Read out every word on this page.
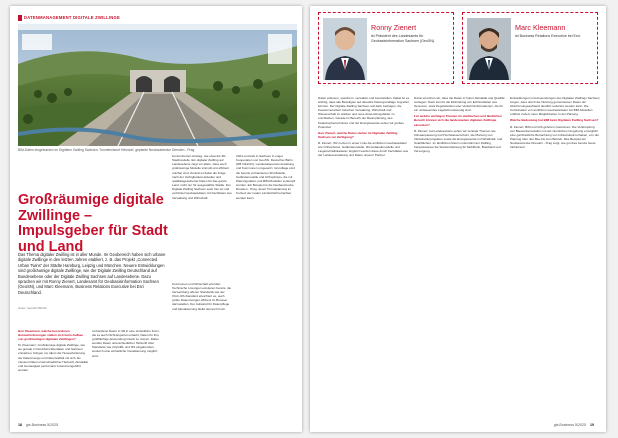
DATENMANAGEMENT DIGITALE ZWILLINGE
BIM-Daten eingebunden im Digitalen Zwilling Sachsen: Tunnelentwurf Hetzdorf, geplante Neubaustrecke Dresden - Prag
Großräumige digitale Zwillinge – Impulsgeber für Stadt und Land
konzentrierten Anstieg, wie etwa die 3D-Stadtmodelle. Ein digitaler Zwilling auf Landesebene zeigt vor allem, dass auch großräumige Modelle sinnvoll und effizient nutzbar sind. Zentral ist dabei die Frage nach der Verfügbarkeit aktueller und qualitätsgesicherter Daten für das ganze Land, nicht nur für ausgewählte Städte. Der Digitale Zwilling Sachsen setzt hier an und verbindet Geobasisdaten mit Fachdaten aus Verwaltung und Wirtschaft.
2024 erstmals in Sachsen in enger Kooperation von GeoSN, Deutscher Bahn (DB InfraGO), Landestalsperrenverwaltung und Kommunen umgesetzt. Grundlage sind die bereits vorhandenen 3D-Modelle, Geländemodelle und Orthophotos, die mit Planungsdaten und BIM-Modellen verknüpft wurden. Ein Beispiel ist die Neubaustrecke Dresden - Prag, deren Tunnelplanung im Kontext der realen Landschaft betrachtet werden kann.
Das Thema digitaler Zwilling ist in aller Munde. Im Geobereich haben sich urbane digitale Zwillinge in den letzten Jahren etabliert, z. B. das Projekt „Connected Urban Twins“ der Städte Hamburg, Leipzig und München. Neuere Entwicklungen sind großräumige digitale Zwillinge, wie der Digitale Zwilling Deutschland auf Bundesebene oder der Digitale Zwilling Sachsen auf Landesebene. Dazu sprachen wir mit Ronny Zienert, Landesamt für Geobasisinformation Sachsen (GeoSN), und Marc Kleemann, Business Relations Executive bei Esri Deutschland.
Autor: Gerold Olbrich

Herr Kleemann, welche besonderen Herausforderungen stellen sich beim Aufbau von großräumigen digitalen Zwillingen?

M. Kleemann: Großräumige digitale Zwillinge, wie sie gerade in Nordrhein-Westfalen und Sachsen entstehen, bringen vor allem die Herausforderung der Datenmenge und Datenvielfalt mit sich. Es müssen Daten unterschiedlicher Herkunft, Aktualität und Genauigkeit performant zusammengeführt werden.

vorhandene Daten in 3D in eine einheitliche Form, die es auch Nicht-Experten erlaubt, Daten für ihre großflächige Anwendung intuitiv zu nutzen. Dabei werden Daten unterschiedlicher Herkunft über Standards wie CityGML und I3S eingebunden, wodurch eine einheitliche Visualisierung möglich wird.
Kommunen und Wirtschaft erfordert. Technische Lösungen existieren bereits, die Verwendung offener Standards wie der OGC-I3S-Standard erleichtert es, auch große Datenmengen effizient im Browser darzustellen. Der Aufwand für Datenpflege und Aktualisierung bleibt dennoch hoch.
18 gis.Business 5/2025
Ronny Zienert
ist Präsident des Landesamts für Geobasisinformation Sachsen (GeoSN).
Marc Kleemann
ist Business Relations Executive bei Esri.

Daten erfassen, speichern, verwalten und bereitstellen. Dabei ist es wichtig, dass alle Beteiligten auf dieselbe Datengrundlage zugreifen können. Der Digitale Zwilling Sachsen soll dazu beitragen, die Zusammenarbeit zwischen Verwaltung, Wirtschaft und Wissenschaft zu stärken und neue Anwendungsfelder zu erschließen. Gerade im Bereich der Raumplanung, des Katastrophenschutzes und der Energiewende sehen wir großes Potenzial.

Herr Zienert, welche Daten stehen im Digitalen Zwilling Sachsen zur Verfügung?

R. Zienert: Wir nutzen in erster Linie die amtlichen Geobasisdaten wie Orthophotos, Geländemodelle, 3D-Gebäudemodelle und Liegenschaftskataster. Ergänzt werden diese durch Fachdaten aus der Landesverwaltung und Daten unserer Partner.

Damit erreichen wir, dass die Daten in hoher Aktualität und Qualität vorliegen. Dazu kommt die Einbindung von Echtzeitdaten aus Sensoren, etwa Pegelständen oder Verkehrsinformationen, die für ein umfassendes Lagebild notwendig sind.

Für welche wichtigen Themen im städtischen und ländlichen Bereich können sich die landesweiten digitalen Zwillinge einsetzen?

R. Zienert: Auf Landesebene sehen wir zentrale Themen wie Klimaanpassung und Hochwasserschutz, die Planung von Infrastrukturprojekten sowie die Energiewende mit Windkraft- und Solarflächen. Im ländlichen Raum unterstützt der Zwilling beispielsweise die Standortplanung für Mobilfunk, Breitband und Versorgung.

Entwicklungen und Anwendungen des Digitalen Zwillings Sachsen zeigen, dass durch die Nutzung gemeinsamer Daten der Abstimmungsaufwand deutlich reduziert werden kann. Die Kombination von amtlichen Geobasisdaten mit BIM-Modellen eröffnet zudem neue Möglichkeiten in der Planung.

Welche Bedeutung hat BIM beim Digitalen Zwilling Sachsen?

R. Zienert: BIM und GIS gehören zusammen. Die Verknüpfung von Bauwerksmodellen mit der räumlichen Umgebung ermöglicht eine ganzheitliche Betrachtung von Infrastrukturvorhaben, von der Planung über den Bau bis zum Betrieb. Das Beispiel der Neubaustrecke Dresden - Prag zeigt, wie gut dies bereits heute funktioniert.

gis.Business 5/2025 19
